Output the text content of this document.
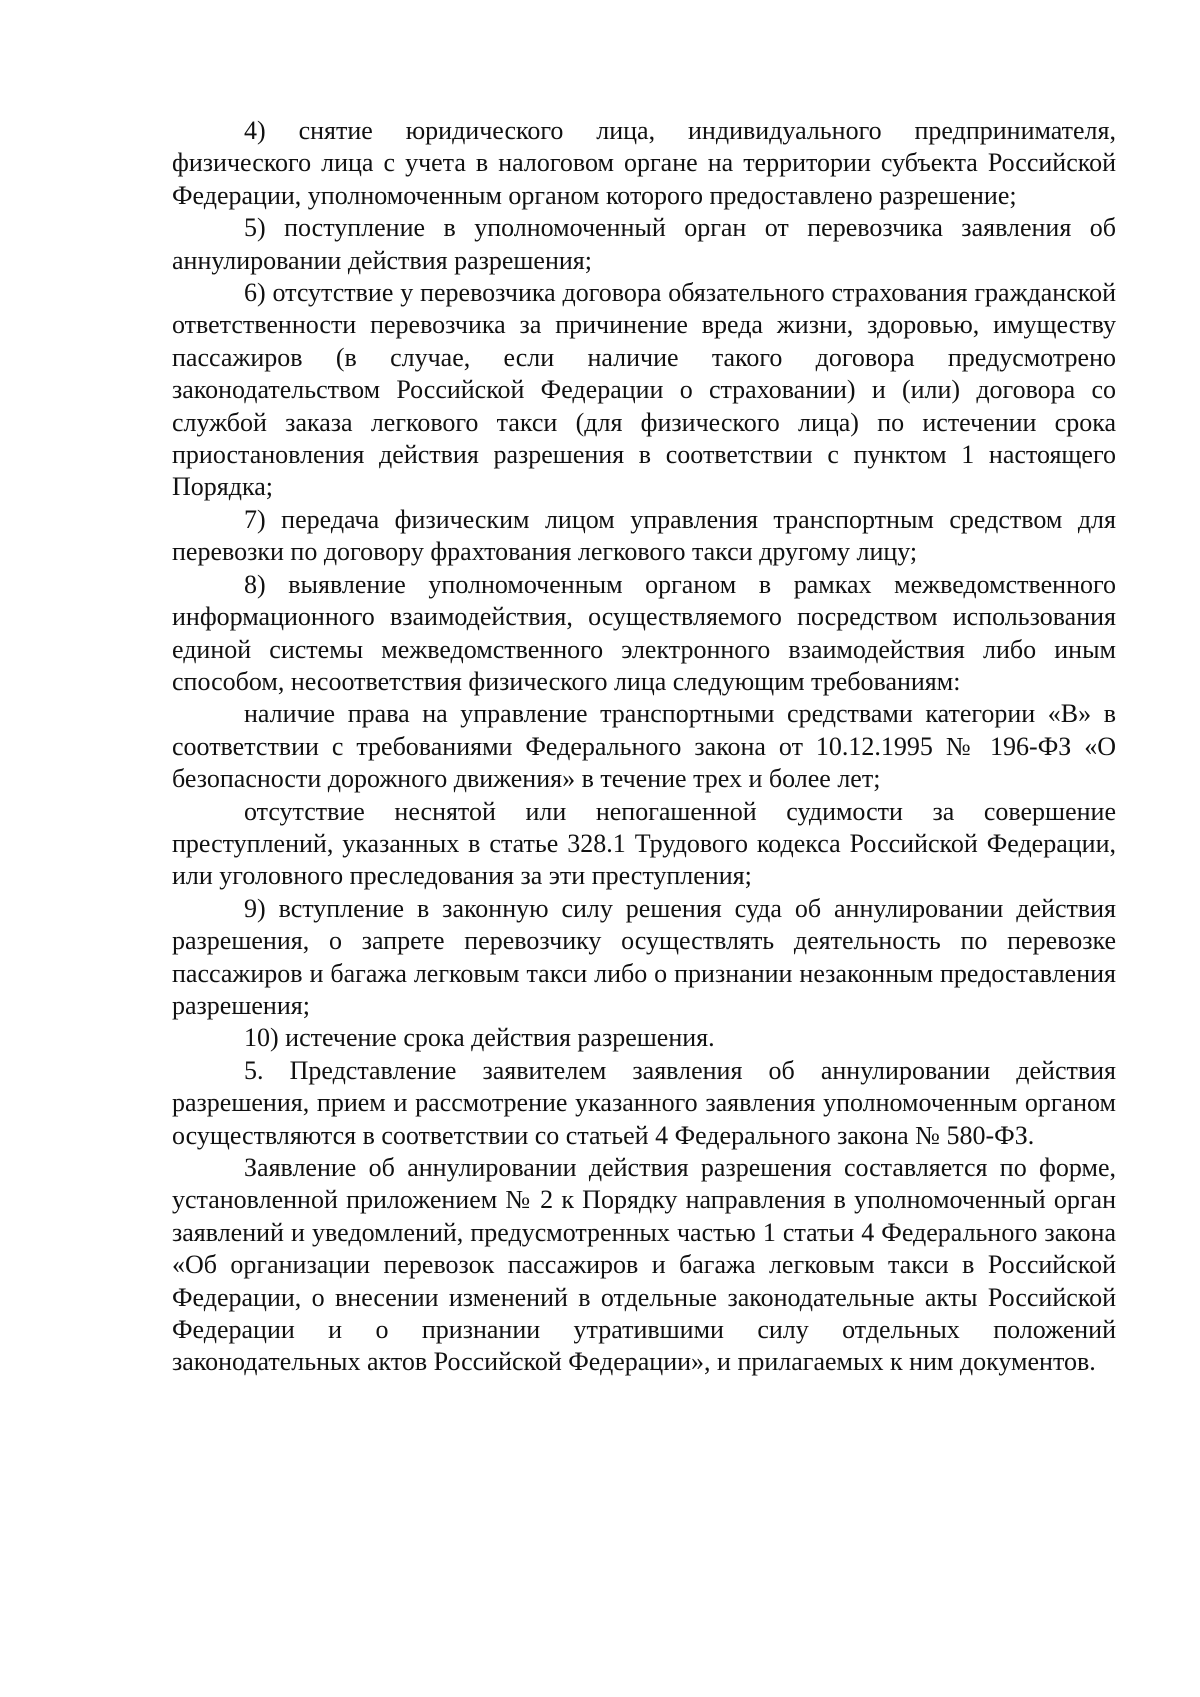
4) снятие юридического лица, индивидуального предпринимателя, физического лица с учета в налоговом органе на территории субъекта Российской Федерации, уполномоченным органом которого предоставлено разрешение;

5) поступление в уполномоченный орган от перевозчика заявления об аннулировании действия разрешения;

6) отсутствие у перевозчика договора обязательного страхования гражданской ответственности перевозчика за причинение вреда жизни, здоровью, имуществу пассажиров (в случае, если наличие такого договора предусмотрено законодательством Российской Федерации о страховании) и (или) договора со службой заказа легкового такси (для физического лица) по истечении срока приостановления действия разрешения в соответствии с пунктом 1 настоящего Порядка;

7) передача физическим лицом управления транспортным средством для перевозки по договору фрахтования легкового такси другому лицу;

8) выявление уполномоченным органом в рамках межведомственного информационного взаимодействия, осуществляемого посредством использования единой системы межведомственного электронного взаимодействия либо иным способом, несоответствия физического лица следующим требованиям:

наличие права на управление транспортными средствами категории «B» в соответствии с требованиями Федерального закона от 10.12.1995 № 196-ФЗ «О безопасности дорожного движения» в течение трех и более лет;

отсутствие неснятой или непогашенной судимости за совершение преступлений, указанных в статье 328.1 Трудового кодекса Российской Федерации, или уголовного преследования за эти преступления;

9) вступление в законную силу решения суда об аннулировании действия разрешения, о запрете перевозчику осуществлять деятельность по перевозке пассажиров и багажа легковым такси либо о признании незаконным предоставления разрешения;

10) истечение срока действия разрешения.

5. Представление заявителем заявления об аннулировании действия разрешения, прием и рассмотрение указанного заявления уполномоченным органом осуществляются в соответствии со статьей 4 Федерального закона № 580-ФЗ.

Заявление об аннулировании действия разрешения составляется по форме, установленной приложением № 2 к Порядку направления в уполномоченный орган заявлений и уведомлений, предусмотренных частью 1 статьи 4 Федерального закона «Об организации перевозок пассажиров и багажа легковым такси в Российской Федерации, о внесении изменений в отдельные законодательные акты Российской Федерации и о признании утратившими силу отдельных положений законодательных актов Российской Федерации», и прилагаемых к ним документов.
